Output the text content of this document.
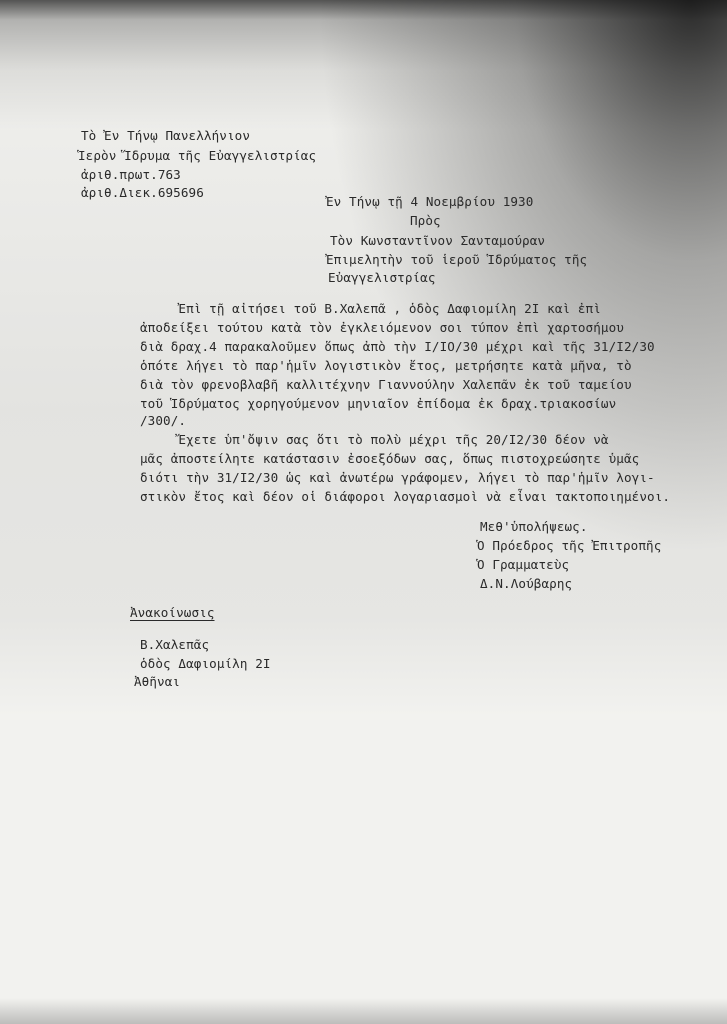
Τὸ Ἐν Τήνῳ Πανελλήνιον
Ἱερὸν Ἵδρυμα τῆς Εὐαγγελιστρίας
ἀριθ.πρωτ.763
ἀριθ.Διεκ.695696
Ἐν Τήνῳ τῇ 4 Νοεμβρίου 1930
Πρὸς
Τὸν Κωνσταντῖνον Σανταμούραν
Ἐπιμελητὴν τοῦ ἱεροῦ Ἱδρύματος τῆς
Εὐαγγελιστρίας
Ἐπὶ τῇ αἰτήσει τοῦ Β.Χαλεπᾶ , ὁδὸς Δαφιομίλη 2Ι καὶ ἐπὶ
ἀποδείξει τούτου κατὰ τὸν ἐγκλειόμενον σοι τύπον ἐπὶ χαρτοσήμου
διὰ δραχ.4 παρακαλοῦμεν ὅπως ἀπὸ τὴν Ι/ΙΟ/30 μέχρι καὶ τῆς 31/Ι2/30
ὁπότε λήγει τὸ παρ'ἡμῖν λογιστικὸν ἔτος, μετρήσητε κατὰ μῆνα, τὸ
διὰ τὸν φρενοβλαβῆ καλλιτέχνην Γιαννούλην Χαλεπᾶν ἐκ τοῦ ταμείου
τοῦ Ἱδρύματος χορηγούμενον μηνιαῖον ἐπίδομα ἐκ δραχ.τριακοσίων
/300/.
Ἔχετε ὑπ'ὄψιν σας ὅτι τὸ πολὺ μέχρι τῆς 20/Ι2/30 δέον νὰ
μᾶς ἀποστείλητε κατάστασιν ἐσοεξόδων σας, ὅπως πιστοχρεώσητε ὑμᾶς
διότι τὴν 31/Ι2/30 ὡς καὶ ἀνωτέρω γράφομεν, λήγει τὸ παρ'ἡμῖν λογι-
στικὸν ἔτος καὶ δέον οἱ διάφοροι λογαριασμοὶ νὰ εἶναι τακτοποιημένοι.
Μεθ'ὑπολήψεως.
Ὁ Πρόεδρος τῆς Ἐπιτροπῆς
Ὁ Γραμματεὺς
Δ.Ν.Λούβαρης
Ἀνακοίνωσις
Β.Χαλεπᾶς
ὁδὸς Δαφιομίλη 2Ι
Ἀθῆναι
